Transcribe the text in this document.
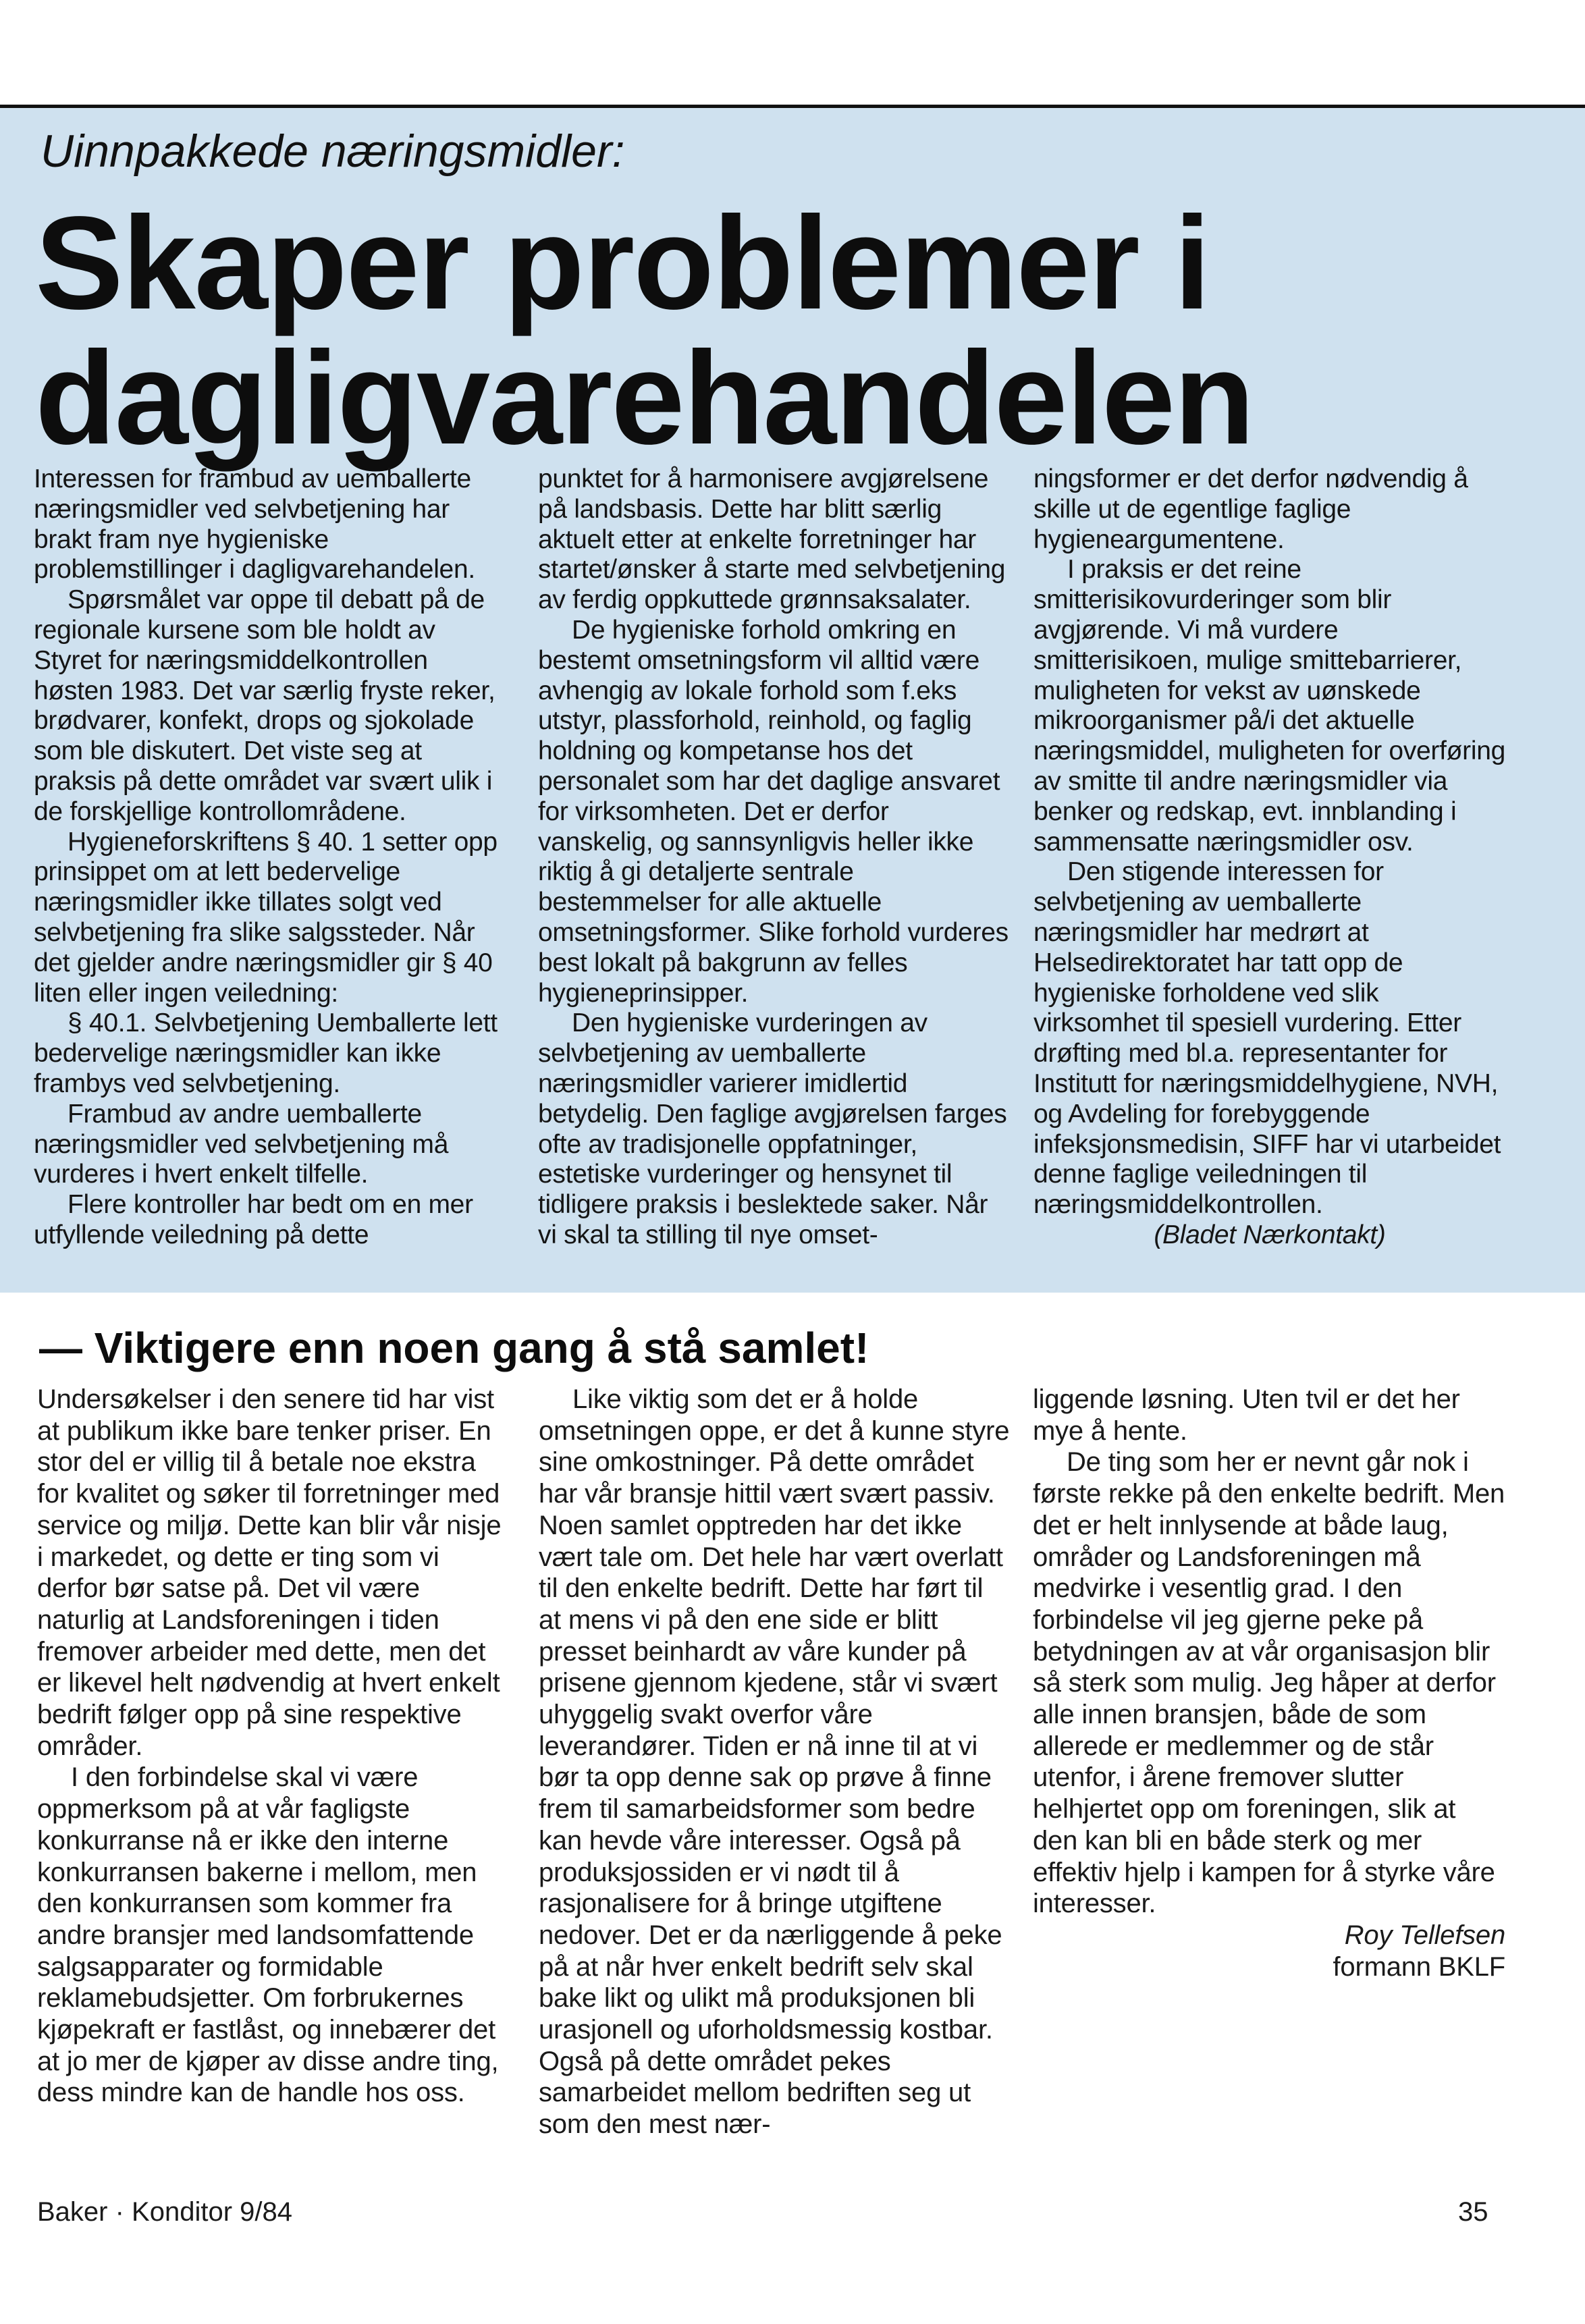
Uinnpakkede næringsmidler:
Skaper problemer i dagligvarehandelen

Interessen for frambud av uemballerte næringsmidler ved selvbetjening har brakt fram nye hygieniske problemstillinger i dagligvarehandelen.

Spørsmålet var oppe til debatt på de regionale kursene som ble holdt av Styret for næringsmiddelkontrollen høsten 1983. Det var særlig fryste reker, brødvarer, konfekt, drops og sjokolade som ble diskutert. Det viste seg at praksis på dette området var svært ulik i de forskjellige kontrollområdene.

Hygieneforskriftens § 40. 1 setter opp prinsippet om at lett bedervelige næringsmidler ikke tillates solgt ved selvbetjening fra slike salgssteder. Når det gjelder andre næringsmidler gir § 40 liten eller ingen veiledning:

§ 40.1. Selvbetjening Uemballerte lett bedervelige næringsmidler kan ikke frambys ved selvbetjening.

Frambud av andre uemballerte næringsmidler ved selvbetjening må vurderes i hvert enkelt tilfelle.

Flere kontroller har bedt om en mer utfyllende veiledning på dette

punktet for å harmonisere avgjørelsene på landsbasis. Dette har blitt særlig aktuelt etter at enkelte forretninger har startet/ønsker å starte med selvbetjening av ferdig oppkuttede grønnsaksalater.

De hygieniske forhold omkring en bestemt omsetningsform vil alltid være avhengig av lokale forhold som f.eks utstyr, plassforhold, reinhold, og faglig holdning og kompetanse hos det personalet som har det daglige ansvaret for virksomheten. Det er derfor vanskelig, og sannsynligvis heller ikke riktig å gi detaljerte sentrale bestemmelser for alle aktuelle omsetningsformer. Slike forhold vurderes best lokalt på bakgrunn av felles hygieneprinsipper.

Den hygieniske vurderingen av selvbetjening av uemballerte næringsmidler varierer imidlertid betydelig. Den faglige avgjørelsen farges ofte av tradisjonelle oppfatninger, estetiske vurderinger og hensynet til tidligere praksis i beslektede saker. Når vi skal ta stilling til nye omset-

ningsformer er det derfor nødvendig å skille ut de egentlige faglige hygieneargumentene.

I praksis er det reine smitterisikovurderinger som blir avgjørende. Vi må vurdere smitterisikoen, mulige smittebarrierer, muligheten for vekst av uønskede mikroorganismer på/i det aktuelle næringsmiddel, muligheten for overføring av smitte til andre næringsmidler via benker og redskap, evt. innblanding i sammensatte næringsmidler osv.

Den stigende interessen for selvbetjening av uemballerte næringsmidler har medrørt at Helsedirektoratet har tatt opp de hygieniske forholdene ved slik virksomhet til spesiell vurdering. Etter drøfting med bl.a. representanter for Institutt for næringsmiddelhygiene, NVH, og Avdeling for forebyggende infeksjonsmedisin, SIFF har vi utarbeidet denne faglige veiledningen til næringsmiddelkontrollen.

(Bladet Nærkontakt)

— Viktigere enn noen gang å stå samlet!

Undersøkelser i den senere tid har vist at publikum ikke bare tenker priser. En stor del er villig til å betale noe ekstra for kvalitet og søker til forretninger med service og miljø. Dette kan blir vår nisje i markedet, og dette er ting som vi derfor bør satse på. Det vil være naturlig at Landsforeningen i tiden fremover arbeider med dette, men det er likevel helt nødvendig at hvert enkelt bedrift følger opp på sine respektive områder.

I den forbindelse skal vi være oppmerksom på at vår fagligste konkurranse nå er ikke den interne konkurransen bakerne i mellom, men den konkurransen som kommer fra andre bransjer med landsomfattende salgsapparater og formidable reklamebudsjetter. Om forbrukernes kjøpekraft er fastlåst, og innebærer det at jo mer de kjøper av disse andre ting, dess mindre kan de handle hos oss.

Like viktig som det er å holde omsetningen oppe, er det å kunne styre sine omkostninger. På dette området har vår bransje hittil vært svært passiv. Noen samlet opptreden har det ikke vært tale om. Det hele har vært overlatt til den enkelte bedrift. Dette har ført til at mens vi på den ene side er blitt presset beinhardt av våre kunder på prisene gjennom kjedene, står vi svært uhyggelig svakt overfor våre leverandører. Tiden er nå inne til at vi bør ta opp denne sak op prøve å finne frem til samarbeidsformer som bedre kan hevde våre interesser. Også på produksjossiden er vi nødt til å rasjonalisere for å bringe utgiftene nedover. Det er da nærliggende å peke på at når hver enkelt bedrift selv skal bake likt og ulikt må produksjonen bli urasjonell og uforholdsmessig kostbar. Også på dette området pekes samarbeidet mellom bedriften seg ut som den mest nær-

liggende løsning. Uten tvil er det her mye å hente.

De ting som her er nevnt går nok i første rekke på den enkelte bedrift. Men det er helt innlysende at både laug, områder og Landsforeningen må medvirke i vesentlig grad. I den forbindelse vil jeg gjerne peke på betydningen av at vår organisasjon blir så sterk som mulig. Jeg håper at derfor alle innen bransjen, både de som allerede er medlemmer og de står utenfor, i årene fremover slutter helhjertet opp om foreningen, slik at den kan bli en både sterk og mer effektiv hjelp i kampen for å styrke våre interesser.

Roy Tellefsen

formann BKLF

Baker · Konditor 9/84	35
